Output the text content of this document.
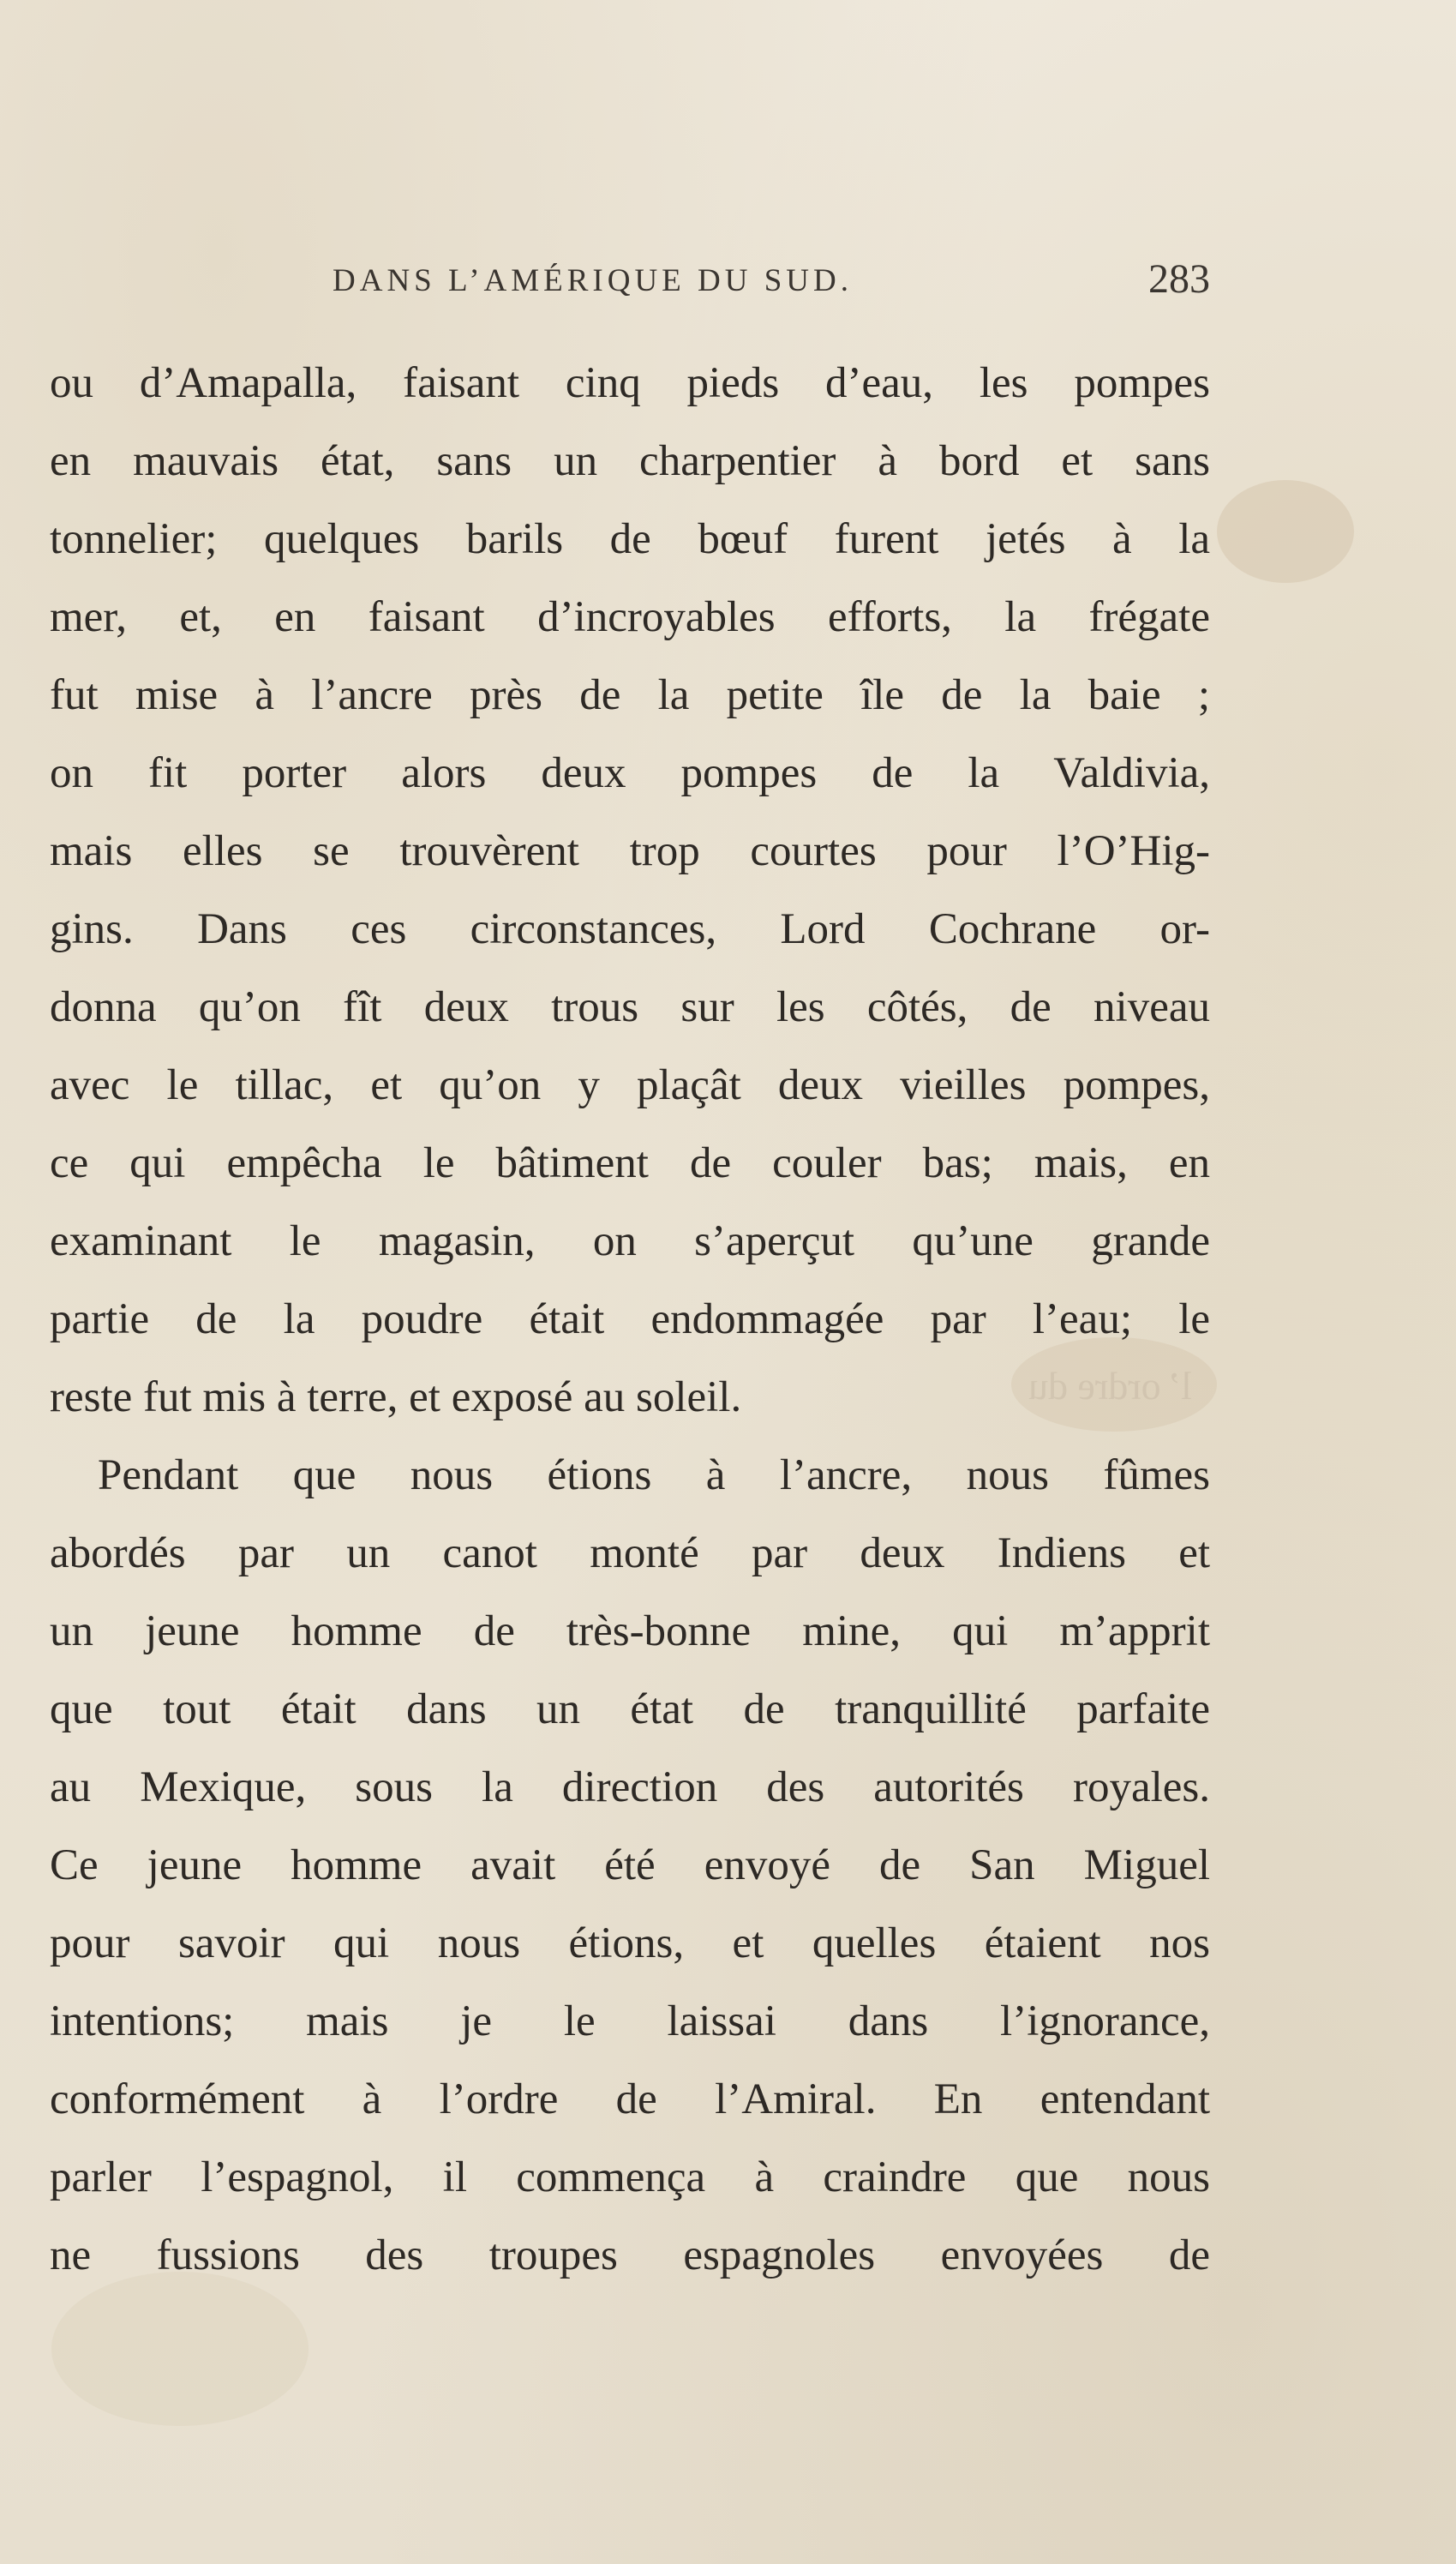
l’ ordre du
DANS L’AMÉRIQUE DU SUD.	283
ou d’Amapalla, faisant cinq pieds d’eau, les pompes
en mauvais état, sans un charpentier à bord et sans
tonnelier; quelques barils de bœuf furent jetés à la
mer, et, en faisant d’incroyables efforts, la frégate
fut mise à l’ancre près de la petite île de la baie ;
on fit porter alors deux pompes de la Valdivia,
mais elles se trouvèrent trop courtes pour l’O’Hig-
gins. Dans ces circonstances, Lord Cochrane or-
donna qu’on fît deux trous sur les côtés, de niveau
avec le tillac, et qu’on y plaçât deux vieilles pompes,
ce qui empêcha le bâtiment de couler bas; mais, en
examinant le magasin, on s’aperçut qu’une grande
partie de la poudre était endommagée par l’eau; le
reste fut mis à terre, et exposé au soleil.
Pendant que nous étions à l’ancre, nous fûmes
abordés par un canot monté par deux Indiens et
un jeune homme de très-bonne mine, qui m’apprit
que tout était dans un état de tranquillité parfaite
au Mexique, sous la direction des autorités royales.
Ce jeune homme avait été envoyé de San Miguel
pour savoir qui nous étions, et quelles étaient nos
intentions; mais je le laissai dans l’ignorance,
conformément à l’ordre de l’Amiral. En entendant
parler l’espagnol, il commença à craindre que nous
ne fussions des troupes espagnoles envoyées de
